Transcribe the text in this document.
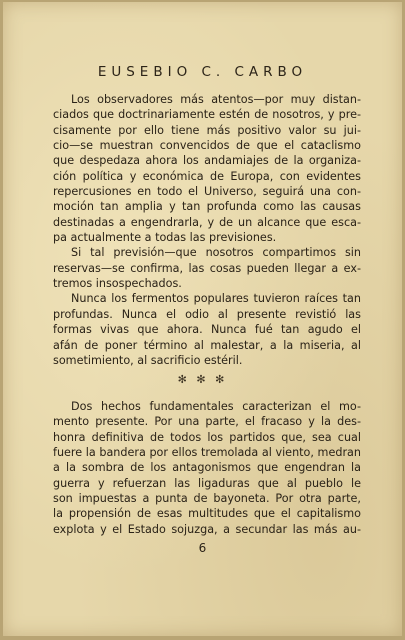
EUSEBIO C. CARBO
Los observadores más atentos—por muy distan-
ciados que doctrinariamente estén de nosotros, y pre-
cisamente por ello tiene más positivo valor su jui-
cio—se muestran convencidos de que el cataclismo
que despedaza ahora los andamiajes de la organiza-
ción política y económica de Europa, con evidentes
repercusiones en todo el Universo, seguirá una con-
moción tan amplia y tan profunda como las causas
destinadas a engendrarla, y de un alcance que esca-
pa actualmente a todas las previsiones.
Si tal previsión—que nosotros compartimos sin
reservas—se confirma, las cosas pueden llegar a ex-
tremos insospechados.
Nunca los fermentos populares tuvieron raíces tan
profundas. Nunca el odio al presente revistió las
formas vivas que ahora. Nunca fué tan agudo el
afán de poner término al malestar, a la miseria, al
sometimiento, al sacrificio estéril.
✻ ✻ ✻
Dos hechos fundamentales caracterizan el mo-
mento presente. Por una parte, el fracaso y la des-
honra definitiva de todos los partidos que, sea cual
fuere la bandera por ellos tremolada al viento, medran
a la sombra de los antagonismos que engendran la
guerra y refuerzan las ligaduras que al pueblo le
son impuestas a punta de bayoneta. Por otra parte,
la propensión de esas multitudes que el capitalismo
explota y el Estado sojuzga, a secundar las más au-
6
